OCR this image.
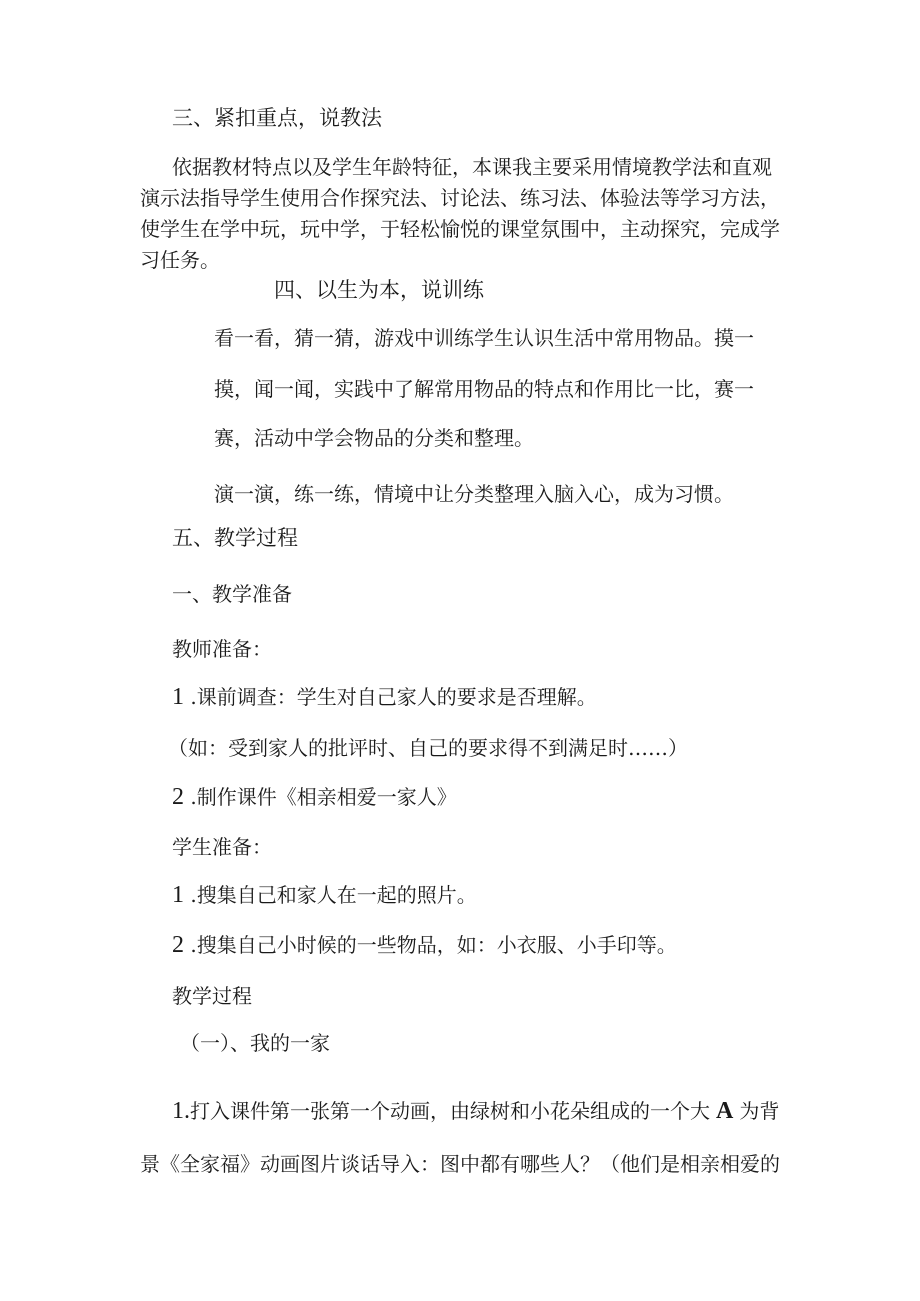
三、紧扣重点，说教法
依据教材特点以及学生年龄特征，本课我主要采用情境教学法和直观
演示法指导学生使用合作探究法、讨论法、练习法、体验法等学习方法，
使学生在学中玩，玩中学，于轻松愉悦的课堂氛围中，主动探究，完成学
习任务。
四、以生为本，说训练
看一看，猜一猜，游戏中训练学生认识生活中常用物品。摸一
摸，闻一闻，实践中了解常用物品的特点和作用比一比，赛一
赛，活动中学会物品的分类和整理。
演一演，练一练，情境中让分类整理入脑入心，成为习惯。
五、教学过程
一、教学准备
教师准备：
1 .课前调查：学生对自己家人的要求是否理解。
（如：受到家人的批评时、自己的要求得不到满足时……）
2 .制作课件《相亲相爱一家人》
学生准备：
1 .搜集自己和家人在一起的照片。
2 .搜集自己小时候的一些物品，如：小衣服、小手印等。
教学过程
（一）、我的一家
1.打入课件第一张第一个动画，由绿树和小花朵组成的一个大 A 为背
景《全家福》动画图片谈话导入：图中都有哪些人？（他们是相亲相爱的
